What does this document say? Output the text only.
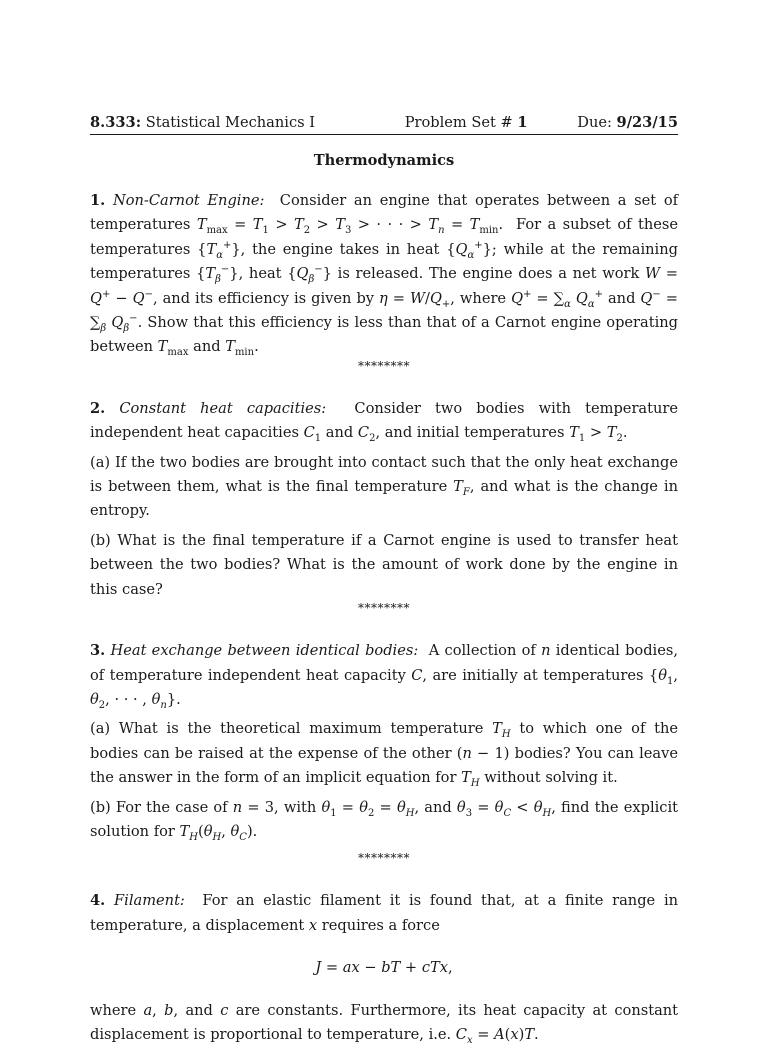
8.333: Statistical Mechanics I	Problem Set # 1	Due: 9/23/15
Thermodynamics

1. Non-Carnot Engine: Consider an engine that operates between a set of temperatures $T_{max} = T_1 > T_2 > T_3$ > · · · > $T_n = T_{min}$.  For a subset of these temperatures $\{T_\alpha^+\}$, the engine takes in heat $\{Q_\alpha^+\}$; while at the remaining temperatures $\{T_\beta^-\}$, heat $\{Q_\beta^-\}$ is released. The engine does a net work W = Q+ − Q−, and its efficiency is given by $\eta = W/Q_+$, where $Q^+ = \sum_\alpha$ $Q_\alpha^+$ and $Q^- = \sum_\beta$ $Q_\beta^-$. Show that this efficiency is less than that of a Carnot engine operating between $T_{max}$ and $T_{min}$.

********

2. Constant heat capacities: Consider two bodies with temperature independent heat capacities $C_1$ and $C_2$, and initial temperatures $T_1 > T_2$.

(a) If the two bodies are brought into contact such that the only heat exchange is between them, what is the final temperature $T_F$, and what is the change in entropy.

(b) What is the final temperature if a Carnot engine is used to transfer heat between the two bodies? What is the amount of work done by the engine in this case?

********

3. Heat exchange between identical bodies: A collection of n identical bodies, of temperature independent heat capacity C, are initially at temperatures {$\theta_1$, $\theta_2$, · · · , $\theta_n$}.

(a) What is the theoretical maximum temperature $T_H$ to which one of the bodies can be raised at the expense of the other (n − 1) bodies? You can leave the answer in the form of an implicit equation for $T_H$ without solving it.

(b) For the case of n = 3, with $\theta_1 = \theta_2 = \theta_H$, and $\theta_3 = \theta_C < \theta_H$, find the explicit solution for $T_H(\theta_H$, $\theta_C$).

********

4. Filament: For an elastic filament it is found that, at a finite range in temperature, a displacement x requires a force

J = ax − bT + cTx,

where a, b, and c are constants. Furthermore, its heat capacity at constant displacement is proportional to temperature, i.e. $C_x = A(x)T$.
